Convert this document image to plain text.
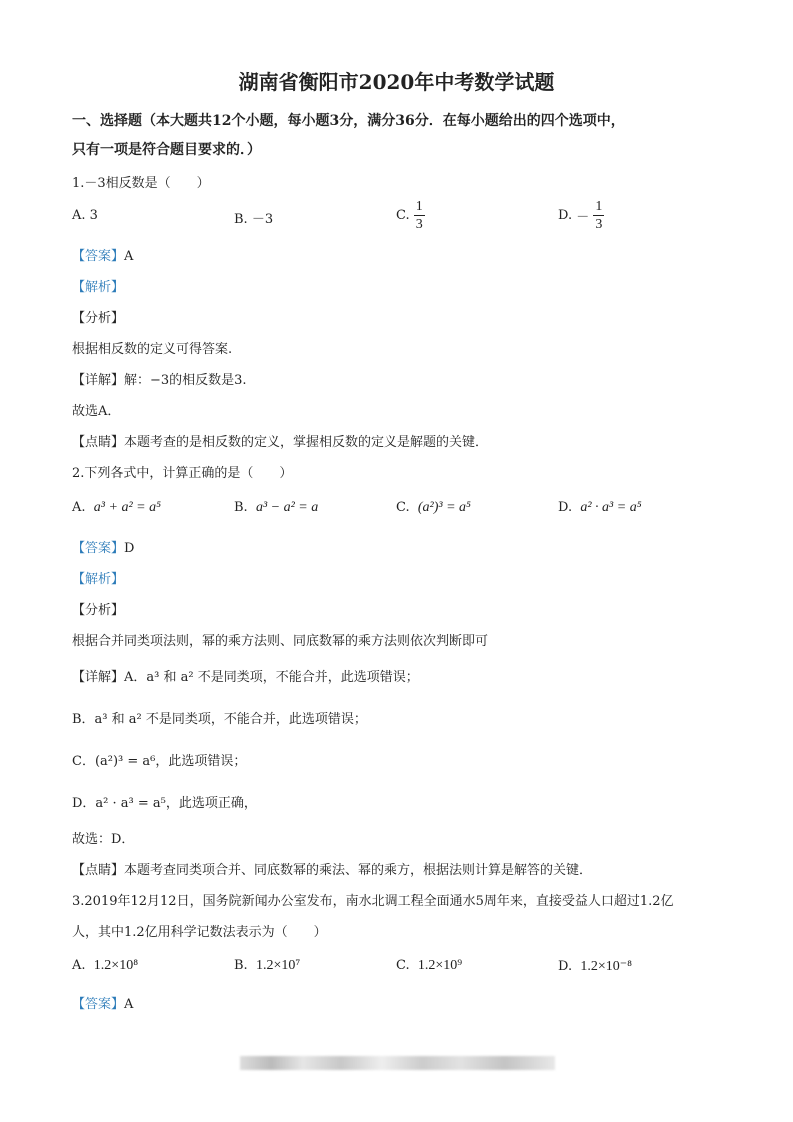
湖南省衡阳市2020年中考数学试题
一、选择题（本大题共12个小题，每小题3分，满分36分．在每小题给出的四个选项中，
只有一项是符合题目要求的．）
1.－3相反数是（　　）
A. 3	B. －3	C. $\frac{1}{3}$	D. － $\frac{1}{3}$
【答案】A
【解析】
【分析】
根据相反数的定义可得答案.
【详解】解：−3的相反数是3.
故选A．
【点睛】本题考查的是相反数的定义，掌握相反数的定义是解题的关键．
2.下列各式中，计算正确的是（　　）
A. a³ + a² = a⁵	B. a³ − a² = a	C. (a²)³ = a⁵	D. a² · a³ = a⁵
【答案】D
【解析】
【分析】
根据合并同类项法则，幂的乘方法则、同底数幂的乘方法则依次判断即可
【详解】A．a³ 和 a² 不是同类项，不能合并，此选项错误；
B．a³ 和 a² 不是同类项，不能合并，此选项错误；
C．(a²)³ = a⁶，此选项错误；
D．a² · a³ = a⁵，此选项正确，
故选：D．
【点睛】本题考查同类项合并、同底数幂的乘法、幂的乘方，根据法则计算是解答的关键．
3.2019年12月12日，国务院新闻办公室发布，南水北调工程全面通水5周年来，直接受益人口超过1.2亿
人，其中1.2亿用科学记数法表示为（　　）
A. 1.2×10⁸	B. 1.2×10⁷	C. 1.2×10⁹	D. 1.2×10⁻⁸
【答案】A
